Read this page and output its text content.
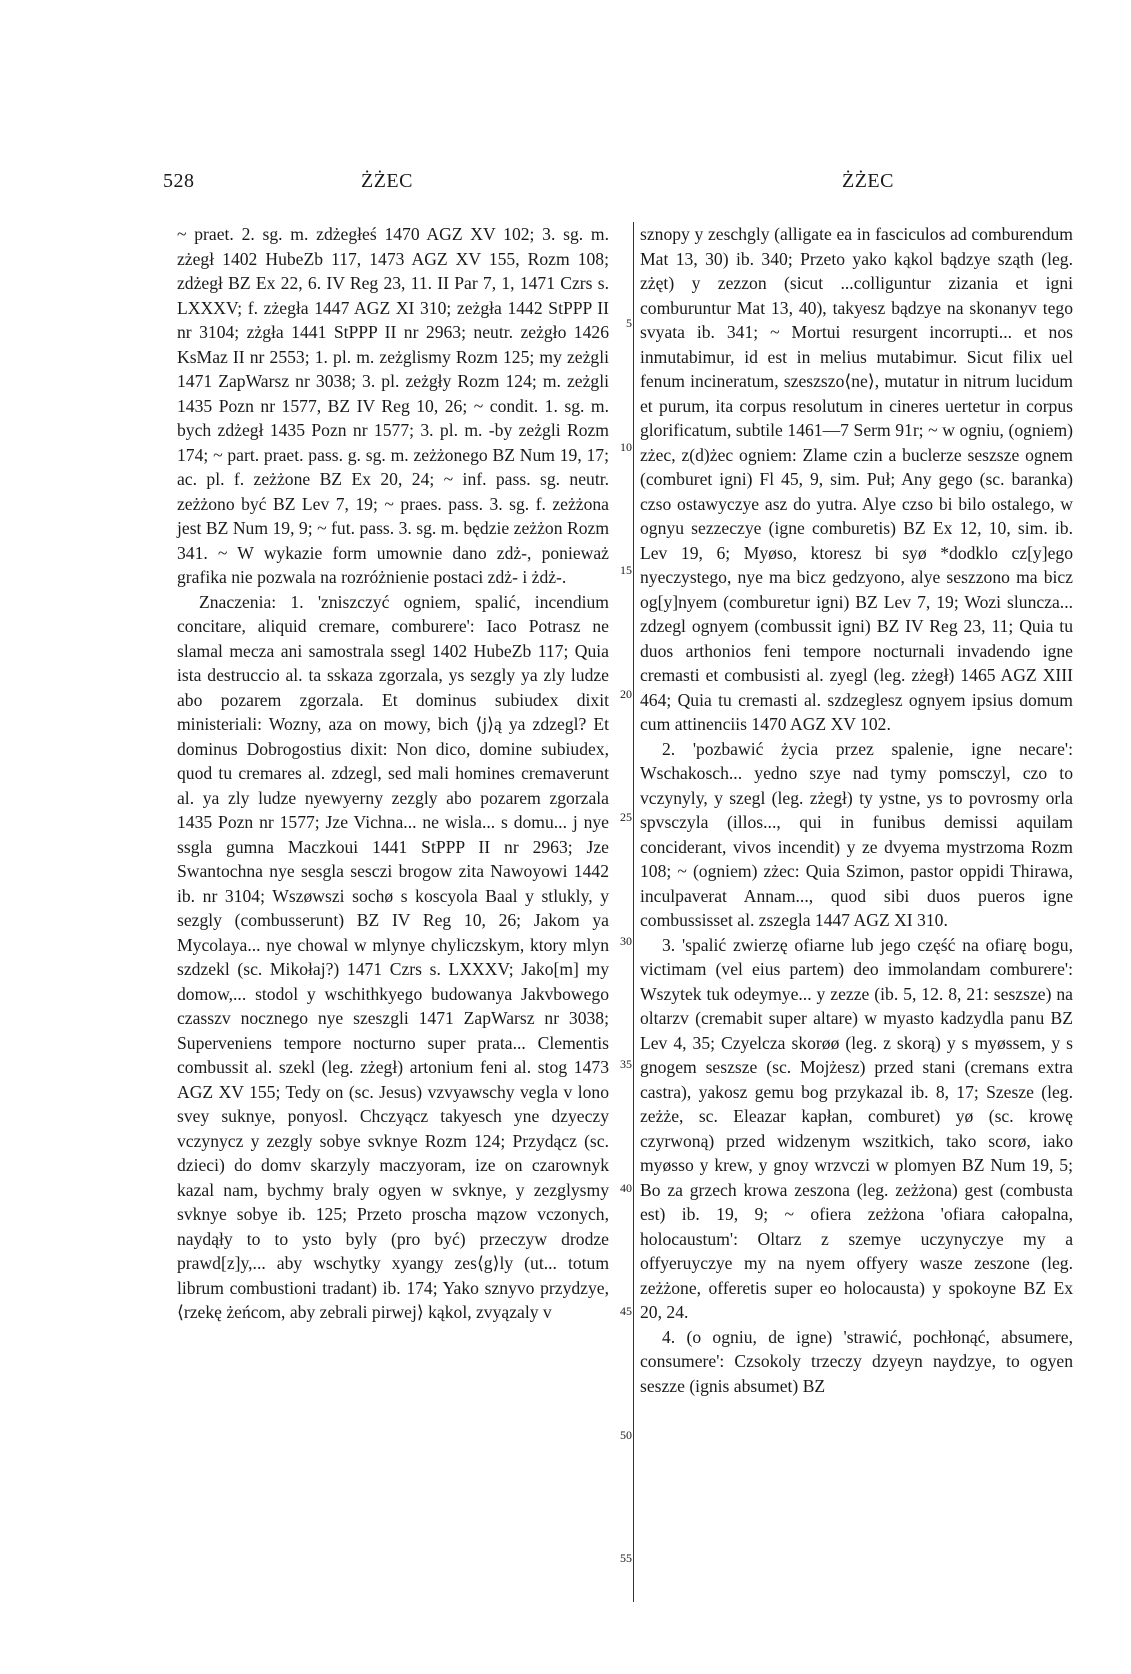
528	ŻŻEC	ŻŻEC

~ praet. 2. sg. m. zdżegłeś 1470 AGZ XV 102; 3. sg. m. zżegł 1402 HubeZb 117, 1473 AGZ XV 155, Rozm 108; zdżegł BZ Ex 22, 6. IV Reg 23, 11. II Par 7, 1, 1471 Czrs s. LXXXV; f. zżegła 1447 AGZ XI 310; zeżgła 1442 StPPP II nr 3104; zżgła 1441 StPPP II nr 2963; neutr. zeżgło 1426 KsMaz II nr 2553; 1. pl. m. zeżglismy Rozm 125; my zeżgli 1471 ZapWarsz nr 3038; 3. pl. zeżgły Rozm 124; m. zeżgli 1435 Pozn nr 1577, BZ IV Reg 10, 26; ~ condit. 1. sg. m. bych zdżegł 1435 Pozn nr 1577; 3. pl. m. -by zeżgli Rozm 174; ~ part. praet. pass. g. sg. m. zeżżonego BZ Num 19, 17; ac. pl. f. zeżżone BZ Ex 20, 24; ~ inf. pass. sg. neutr. zeżżono być BZ Lev 7, 19; ~ praes. pass. 3. sg. f. zeżżona jest BZ Num 19, 9; ~ fut. pass. 3. sg. m. będzie zeżżon Rozm 341. ~ W wykazie form umownie dano zdż-, ponieważ grafika nie pozwala na rozróżnienie postaci zdż- i żdż-.

Znaczenia: 1. 'zniszczyć ogniem, spalić, incendium concitare, aliquid cremare, comburere': Iaco Potrasz ne slamal mecza ani samostrala ssegl 1402 HubeZb 117; Quia ista destruccio al. ta sskaza zgorzala, ys sezgly ya zly ludze abo pozarem zgorzala. Et dominus subiudex dixit ministeriali: Wozny, aza on mowy, bich ⟨j⟩ą ya zdzegl? Et dominus Dobrogostius dixit: Non dico, domine subiudex, quod tu cremares al. zdzegl, sed mali homines cremaverunt al. ya zly ludze nyewyerny zezgly abo pozarem zgorzala 1435 Pozn nr 1577; Jze Vichna... ne wisla... s domu... j nye ssgla gumna Maczkoui 1441 StPPP II nr 2963; Jze Swantochna nye sesgla sesczi brogow zita Nawoyowi 1442 ib. nr 3104; Wszøwszi sochø s koscyola Baal y stlukly, y sezgly (combusserunt) BZ IV Reg 10, 26; Jakom ya Mycolaya... nye chowal w mlynye chyliczskym, ktory mlyn szdzekl (sc. Mikołaj?) 1471 Czrs s. LXXXV; Jako[m] my domow,... stodol y wschithkyego budowanya Jakvbowego czasszv nocznego nye szeszgli 1471 ZapWarsz nr 3038; Superveniens tempore nocturno super prata... Clementis combussit al. szekl (leg. zżegł) artonium feni al. stog 1473 AGZ XV 155; Tedy on (sc. Jesus) vzvyawschy vegla v lono svey suknye, ponyosl. Chczyącz takyesch yne dzyeczy vczynycz y zezgly sobye svknye Rozm 124; Przydącz (sc. dzieci) do domv skarzyly maczyoram, ize on czarownyk kazal nam, bychmy braly ogyen w svknye, y zezglysmy svknye sobye ib. 125; Przeto proscha mązow vczonych, naydąły to to ysto byly (pro być) przeczyw drodze prawd[z]y,... aby wschytky xyangy zes⟨g⟩ly (ut... totum librum combustioni tradant) ib. 174; Yako sznyvo przydzye, ⟨rzekę żeńcom, aby zebrali pirwej⟩ kąkol, zvyązaly v

5
10
15
20
25
30
35
40
45
50
55

sznopy y zeschgly (alligate ea in fasciculos ad comburendum Mat 13, 30) ib. 340; Przeto yako kąkol bądzye sząth (leg. zżęt) y zezzon (sicut ...colliguntur zizania et igni comburuntur Mat 13, 40), takyesz bądzye na skonanyv tego svyata ib. 341; ~ Mortui resurgent incorrupti... et nos inmutabimur, id est in melius mutabimur. Sicut filix uel fenum incineratum, szeszszo⟨ne⟩, mutatur in nitrum lucidum et purum, ita corpus resolutum in cineres uertetur in corpus glorificatum, subtile 1461—7 Serm 91r; ~ w ogniu, (ogniem) zżec, z(d)żec ogniem: Zlame czin a buclerze seszsze ognem (comburet igni) Fl 45, 9, sim. Puł; Any gego (sc. baranka) czso ostawyczye asz do yutra. Alye czso bi bilo ostalego, w ognyu sezzeczye (igne comburetis) BZ Ex 12, 10, sim. ib. Lev 19, 6; Myøso, ktoresz bi syø *dodklo cz[y]ego nyeczystego, nye ma bicz gedzyono, alye seszzono ma bicz og[y]nyem (comburetur igni) BZ Lev 7, 19; Wozi sluncza... zdzegl ognyem (combussit igni) BZ IV Reg 23, 11; Quia tu duos arthonios feni tempore nocturnali invadendo igne cremasti et combusisti al. zyegl (leg. zżegł) 1465 AGZ XIII 464; Quia tu cremasti al. szdzeglesz ognyem ipsius domum cum attinenciis 1470 AGZ XV 102.

2. 'pozbawić życia przez spalenie, igne necare': Wschakosch... yedno szye nad tymy pomsczyl, czo to vczynyly, y szegl (leg. zżegł) ty ystne, ys to povrosmy orla spvsczyla (illos..., qui in funibus demissi aquilam conciderant, vivos incendit) y ze dvyema mystrzoma Rozm 108; ~ (ogniem) zżec: Quia Szimon, pastor oppidi Thirawa, inculpaverat Annam..., quod sibi duos pueros igne combussisset al. zszegla 1447 AGZ XI 310.

3. 'spalić zwierzę ofiarne lub jego część na ofiarę bogu, victimam (vel eius partem) deo immolandam comburere': Wszytek tuk odeymye... y zezze (ib. 5, 12. 8, 21: seszsze) na oltarzv (cremabit super altare) w myasto kadzydla panu BZ Lev 4, 35; Czyelcza skorøø (leg. z skorą) y s myøssem, y s gnogem seszsze (sc. Mojżesz) przed stani (cremans extra castra), yakosz gemu bog przykazal ib. 8, 17; Szesze (leg. zeżże, sc. Eleazar kapłan, comburet) yø (sc. krowę czyrwoną) przed widzenym wszitkich, tako scorø, iako myøsso y krew, y gnoy wrzvczi w plomyen BZ Num 19, 5; Bo za grzech krowa zeszona (leg. zeżżona) gest (combusta est) ib. 19, 9; ~ ofiera zeżżona 'ofiara całopalna, holocaustum': Oltarz z szemye uczynyczye my a offyeruyczye my na nyem offyery wasze zeszone (leg. zeżżone, offeretis super eo holocausta) y spokoyne BZ Ex 20, 24.

4. (o ogniu, de igne) 'strawić, pochłonąć, absumere, consumere': Czsokoly trzeczy dzyeyn naydzye, to ogyen seszze (ignis absumet) BZ
